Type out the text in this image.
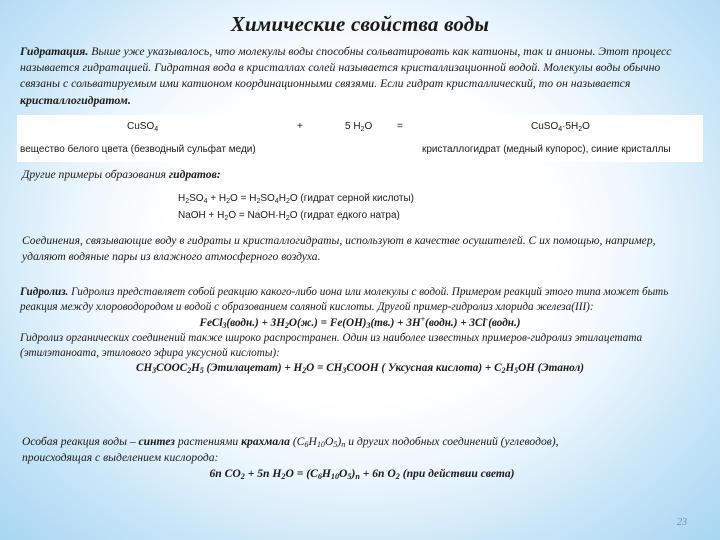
Химические свойства воды
Гидратация. Выше уже указывалось, что молекулы воды способны сольватировать как катионы, так и анионы. Этот процесс называется гидратацией. Гидратная вода в кристаллах солей называется кристаллизационной водой. Молекулы воды обычно связаны с сольватируемым ими катионом координационными связями. Если гидрат кристаллический, то он называется кристаллогидратом.
CuSO$_4$	+	5 $H_2O$ =	$CuSO_4\cdot 5H_2O$
вещество белого цвета (безводный сульфат меди)	кристаллогидрат (медный купорос), синие кристаллы
Другие примеры образования гидратов:
$H_2SO_4 + H_2O = H_2SO_4H_2O$ (гидрат серной кислоты)
NaOH + $H_2O$ = $NaOH\cdot H_2O$ (гидрат едкого натра)
Соединения, связывающие воду в гидраты и кристаллогидраты, используют в качестве осушителей. С их помощью, например, удаляют водяные пары из влажного атмосферного воздуха.
Гидролиз. Гидролиз представляет собой реакцию какого-либо иона или молекулы с водой. Примером реакций этого типа может быть реакция между хлороводородом и водой с образованием соляной кислоты. Другой пример-гидролиз хлорида железа(III):
FeCl$_3$(водн.) + $3H_2O(ж.) = Fe(OH)_3(тв.)$ + 3H+(водн.) + 3Cl-(водн.)
Гидролиз органических соединений также широко распространен. Один из наиболее известных примеров-гидролиз этилацетата (этилэтаноата, этилового эфира уксусной кислоты):
$CH_3COOC_2H_5$ (Этилацетат) + $H_2O$ = $CH_3COOH$ ( Уксусная кислота) + $C_2H_5OH$ (Этанол)
Особая реакция воды – синтез растениями крахмала $(C_6H_{10}O_5)_n$ и других подобных соединений (углеводов),
происходящая с выделением кислорода:
6n $CO_2 + 5n$ $H_2O = (C_6H_{10}O_5)_n + 6n$ $O_2$ (при действии света)
23
